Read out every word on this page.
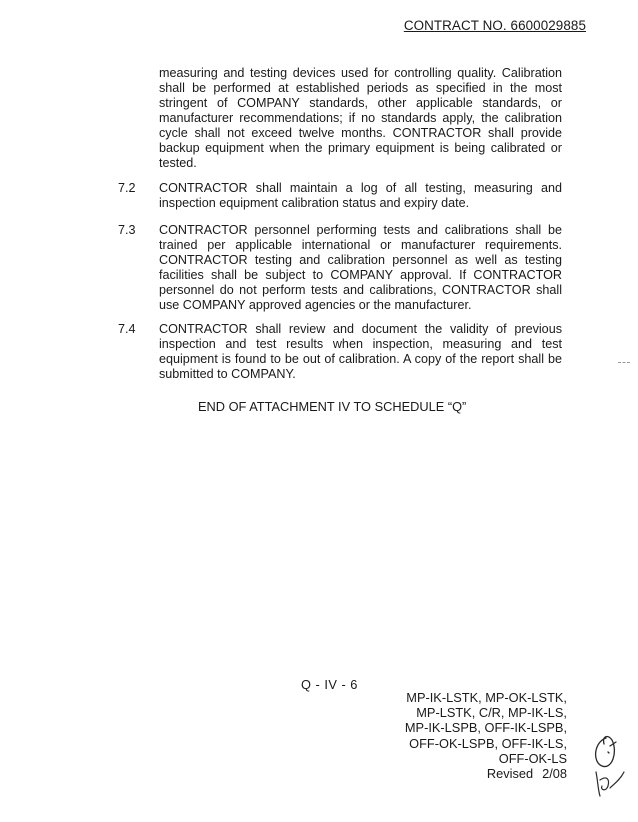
CONTRACT NO. 6600029885
measuring and testing devices used for controlling quality. Calibration shall be performed at established periods as specified in the most stringent of COMPANY standards, other applicable standards, or manufacturer recommendations; if no standards apply, the calibration cycle shall not exceed twelve months. CONTRACTOR shall provide backup equipment when the primary equipment is being calibrated or tested.
7.2 CONTRACTOR shall maintain a log of all testing, measuring and inspection equipment calibration status and expiry date.
7.3 CONTRACTOR personnel performing tests and calibrations shall be trained per applicable international or manufacturer requirements. CONTRACTOR testing and calibration personnel as well as testing facilities shall be subject to COMPANY approval. If CONTRACTOR personnel do not perform tests and calibrations, CONTRACTOR shall use COMPANY approved agencies or the manufacturer.
7.4 CONTRACTOR shall review and document the validity of previous inspection and test results when inspection, measuring and test equipment is found to be out of calibration. A copy of the report shall be submitted to COMPANY.
END OF ATTACHMENT IV TO SCHEDULE “Q”
Q - IV - 6
MP-IK-LSTK, MP-OK-LSTK,
MP-LSTK, C/R, MP-IK-LS,
MP-IK-LSPB, OFF-IK-LSPB,
OFF-OK-LSPB, OFF-IK-LS,
OFF-OK-LS
Revised 2/08
